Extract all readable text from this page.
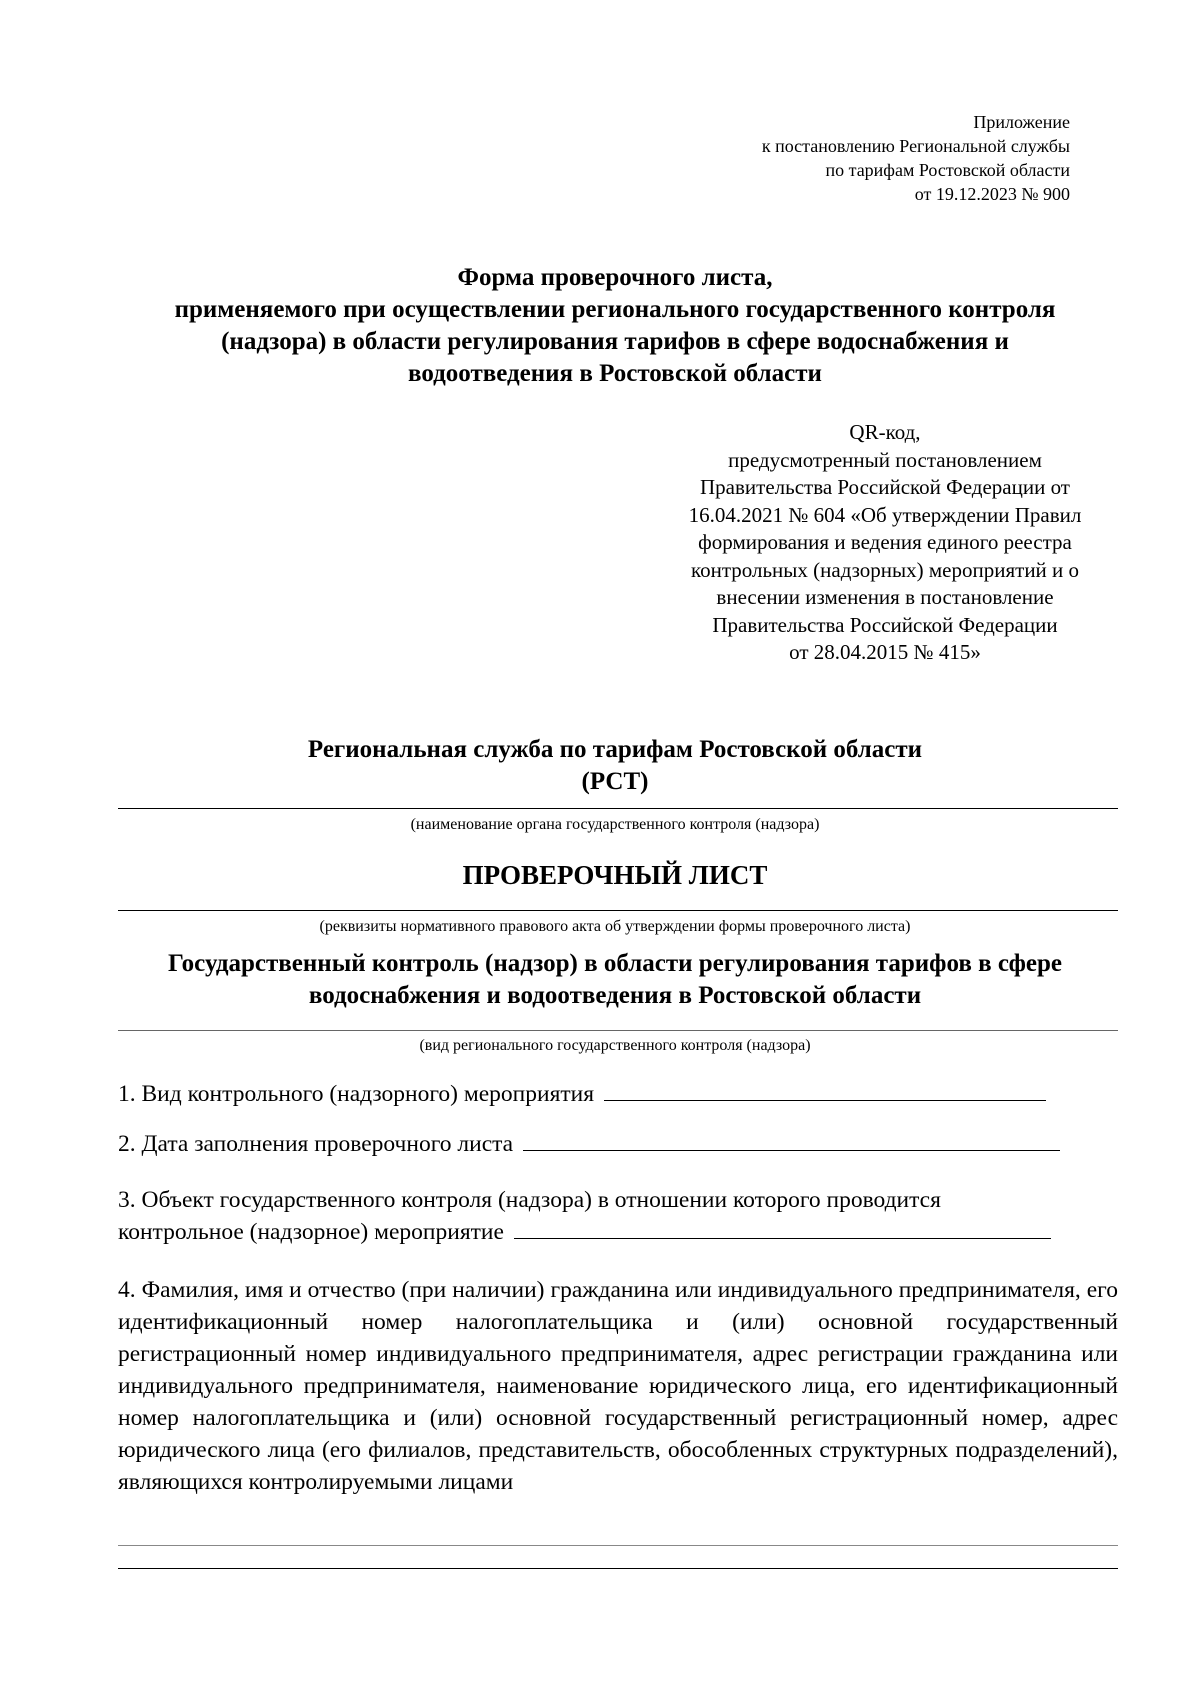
Приложение
к постановлению Региональной службы
по тарифам Ростовской области
от 19.12.2023 № 900
Форма проверочного листа,
применяемого при осуществлении регионального государственного контроля
(надзора) в области регулирования тарифов в сфере водоснабжения и
водоотведения в Ростовской области
QR-код,
предусмотренный постановлением
Правительства Российской Федерации от
16.04.2021 № 604 «Об утверждении Правил
формирования и ведения единого реестра
контрольных (надзорных) мероприятий и о
внесении изменения в постановление
Правительства Российской Федерации
от 28.04.2015 № 415»
Региональная служба по тарифам Ростовской области
(РСТ)
(наименование органа государственного контроля (надзора)
ПРОВЕРОЧНЫЙ ЛИСТ
(реквизиты нормативного правового акта об утверждении формы проверочного листа)
Государственный контроль (надзор) в области регулирования тарифов в сфере
водоснабжения и водоотведения в Ростовской области
(вид регионального государственного контроля (надзора)
1. Вид контрольного (надзорного) мероприятия
2. Дата заполнения проверочного листа
3. Объект государственного контроля (надзора) в отношении которого проводится
контрольное (надзорное) мероприятие
4. Фамилия, имя и отчество (при наличии) гражданина или индивидуального предпринимателя, его идентификационный номер налогоплательщика и (или) основной государственный регистрационный номер индивидуального предпринимателя, адрес регистрации гражданина или индивидуального предпринимателя, наименование юридического лица, его идентификационный номер налогоплательщика и (или) основной государственный регистрационный номер, адрес юридического лица (его филиалов, представительств, обособленных структурных подразделений), являющихся контролируемыми лицами
